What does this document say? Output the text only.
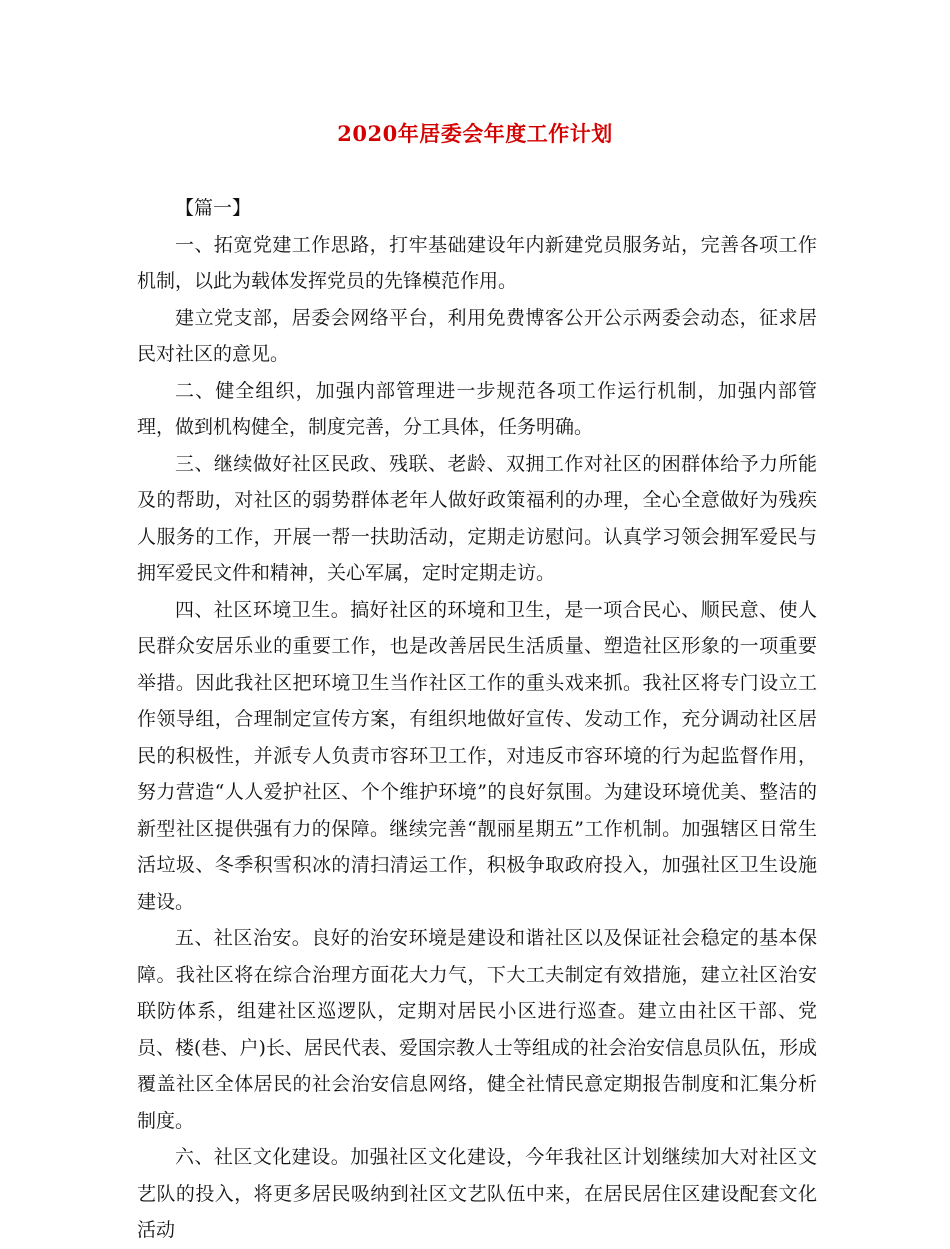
2020年居委会年度工作计划

【篇一】

一、拓宽党建工作思路，打牢基础建设年内新建党员服务站，完善各项工作机制，以此为载体发挥党员的先锋模范作用。

建立党支部，居委会网络平台，利用免费博客公开公示两委会动态，征求居民对社区的意见。

二、健全组织，加强内部管理进一步规范各项工作运行机制，加强内部管理，做到机构健全，制度完善，分工具体，任务明确。

三、继续做好社区民政、残联、老龄、双拥工作对社区的困群体给予力所能及的帮助，对社区的弱势群体老年人做好政策福利的办理，全心全意做好为残疾人服务的工作，开展一帮一扶助活动，定期走访慰问。认真学习领会拥军爱民与拥军爱民文件和精神，关心军属，定时定期走访。

四、社区环境卫生。搞好社区的环境和卫生，是一项合民心、顺民意、使人民群众安居乐业的重要工作，也是改善居民生活质量、塑造社区形象的一项重要举措。因此我社区把环境卫生当作社区工作的重头戏来抓。我社区将专门设立工作领导组，合理制定宣传方案，有组织地做好宣传、发动工作，充分调动社区居民的积极性，并派专人负责市容环卫工作，对违反市容环境的行为起监督作用，努力营造“人人爱护社区、个个维护环境”的良好氛围。为建设环境优美、整洁的新型社区提供强有力的保障。继续完善“靓丽星期五”工作机制。加强辖区日常生活垃圾、冬季积雪积冰的清扫清运工作，积极争取政府投入，加强社区卫生设施建设。

五、社区治安。良好的治安环境是建设和谐社区以及保证社会稳定的基本保障。我社区将在综合治理方面花大力气，下大工夫制定有效措施，建立社区治安联防体系，组建社区巡逻队，定期对居民小区进行巡查。建立由社区干部、党员、楼(巷、户)长、居民代表、爱国宗教人士等组成的社会治安信息员队伍，形成覆盖社区全体居民的社会治安信息网络，健全社情民意定期报告制度和汇集分析制度。

六、社区文化建设。加强社区文化建设，今年我社区计划继续加大对社区文艺队的投入，将更多居民吸纳到社区文艺队伍中来，在居民居住区建设配套文化活动
